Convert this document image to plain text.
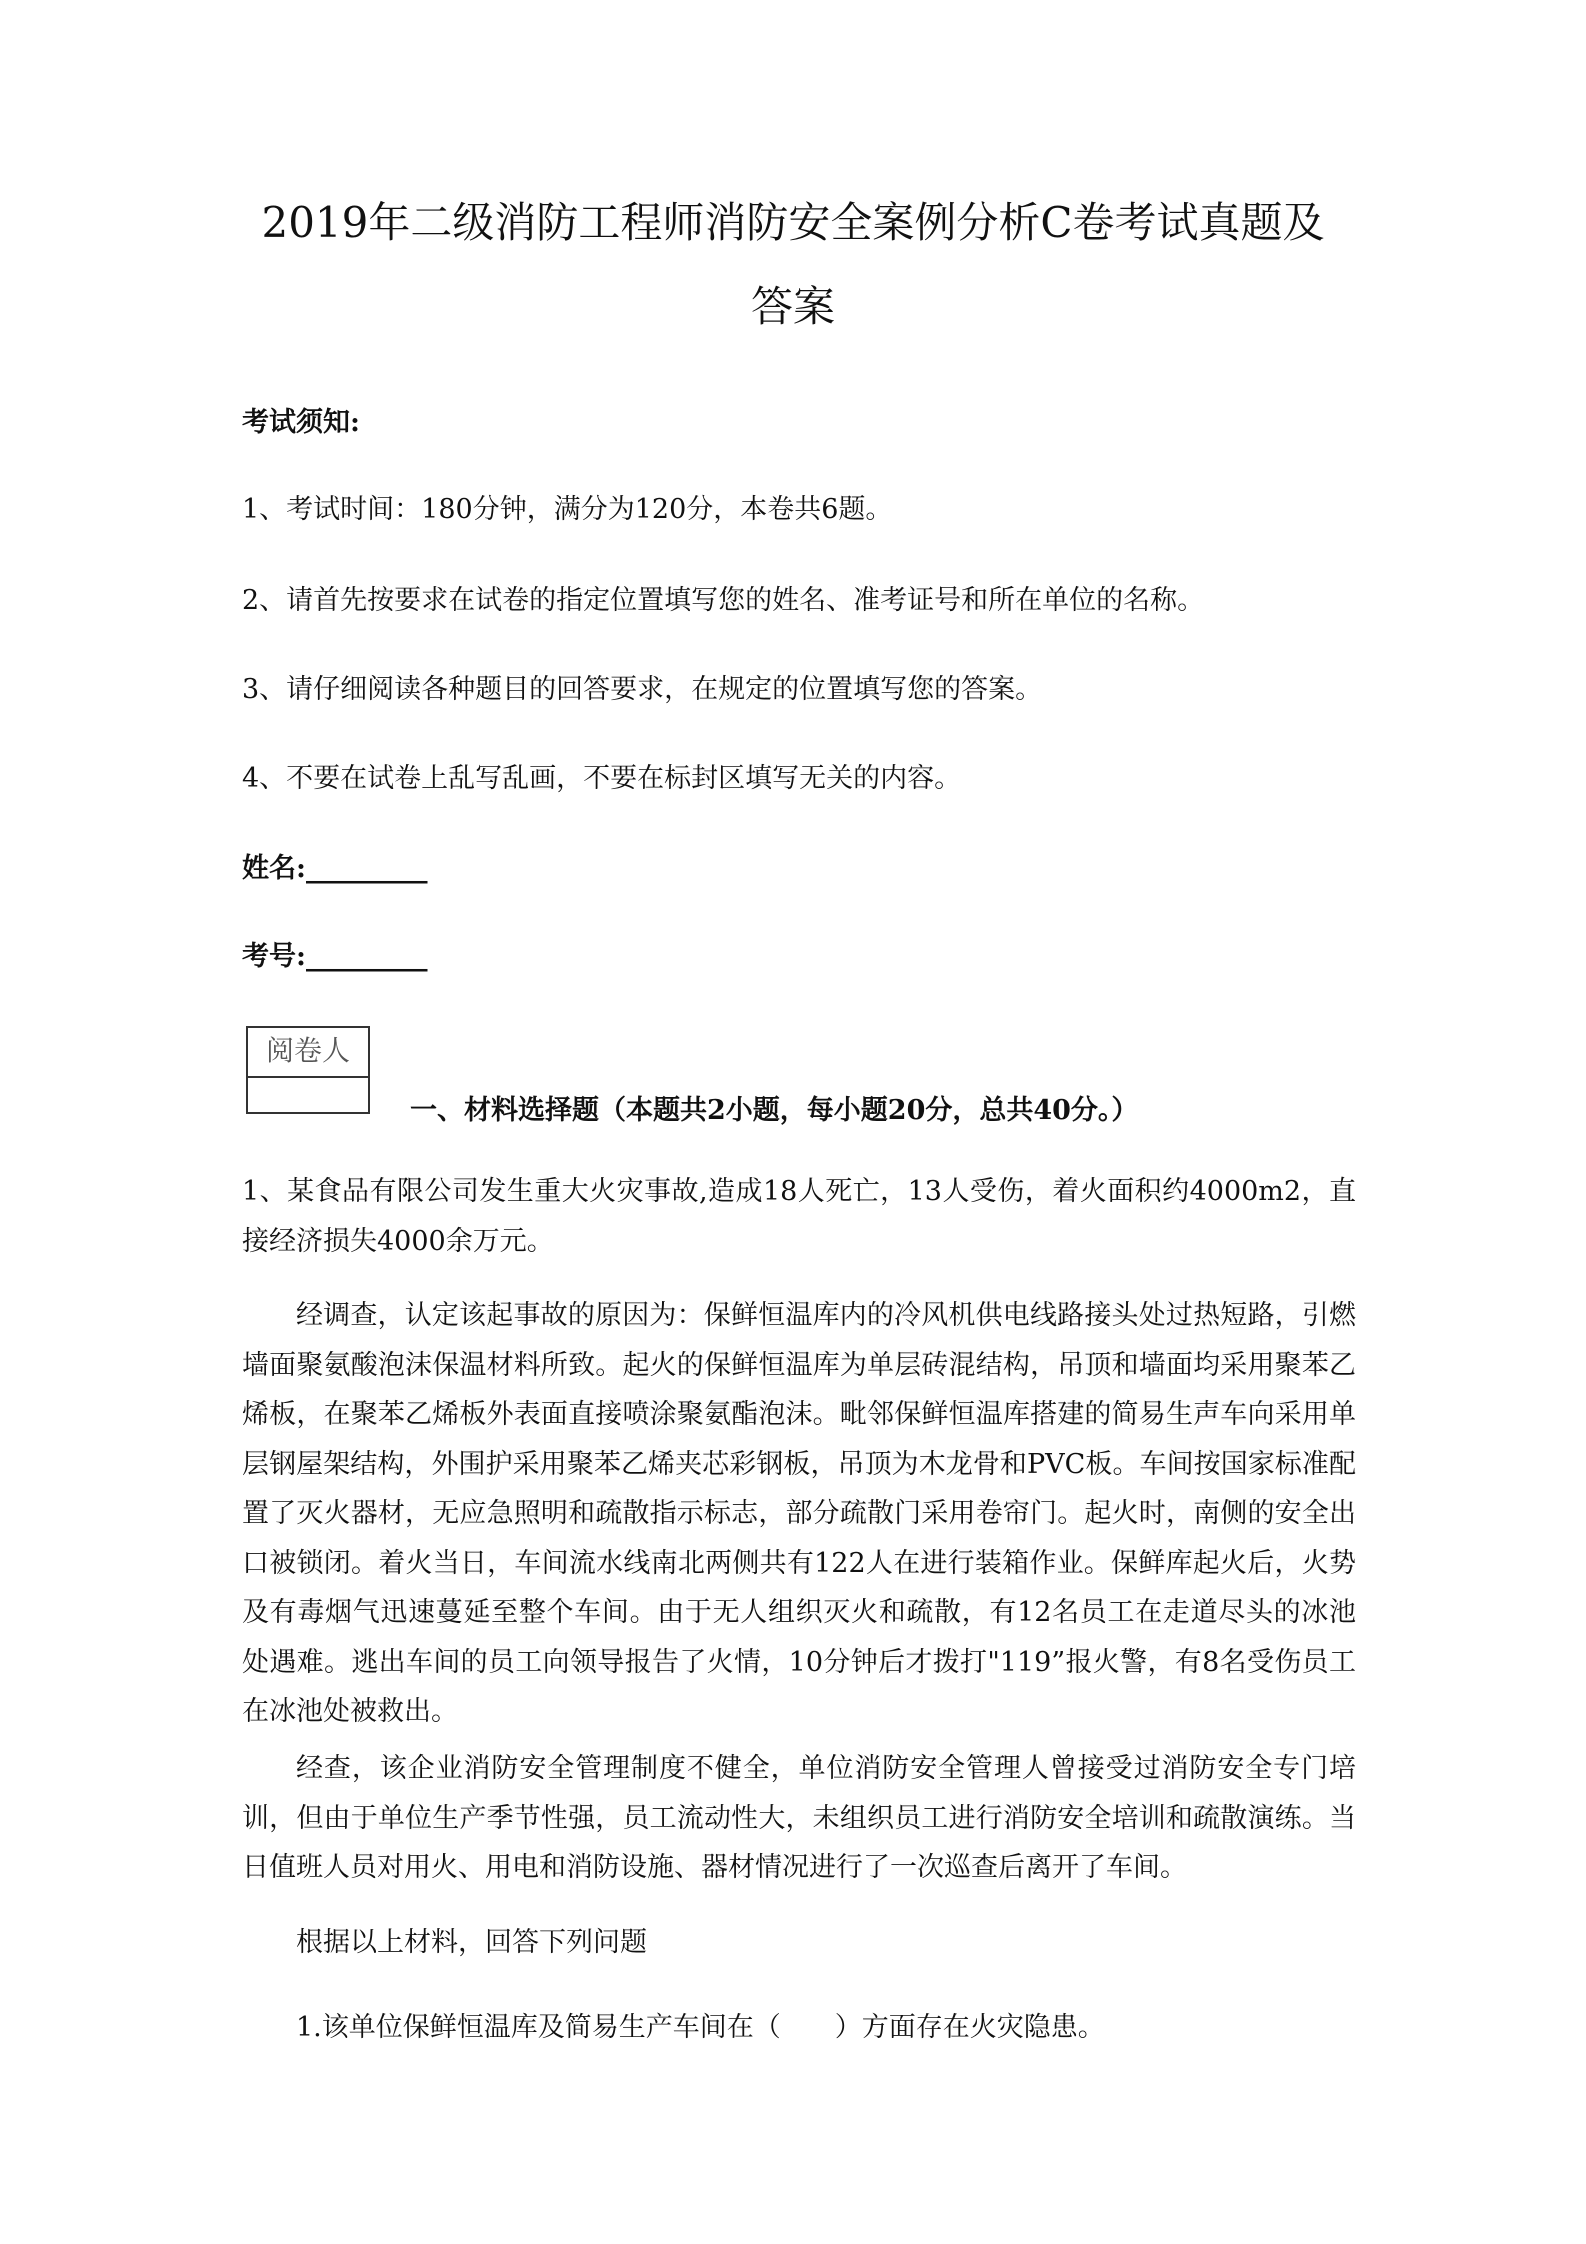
2019年二级消防工程师消防安全案例分析C卷考试真题及
答案

考试须知:

1、考试时间：180分钟，满分为120分，本卷共6题。

2、请首先按要求在试卷的指定位置填写您的姓名、准考证号和所在单位的名称。

3、请仔细阅读各种题目的回答要求，在规定的位置填写您的答案。

4、不要在试卷上乱写乱画，不要在标封区填写无关的内容。

姓名:_________

考号:_________

阅卷人
一、材料选择题（本题共2小题，每小题20分，总共40分。）

1、某食品有限公司发生重大火灾事故,造成18人死亡，13人受伤，着火面积约4000m2，直接经济损失4000余万元。

经调查，认定该起事故的原因为：保鲜恒温库内的冷风机供电线路接头处过热短路，引燃墙面聚氨酸泡沫保温材料所致。起火的保鲜恒温库为单层砖混结构，吊顶和墙面均采用聚苯乙烯板，在聚苯乙烯板外表面直接喷涂聚氨酯泡沫。毗邻保鲜恒温库搭建的简易生声车向采用单层钢屋架结构，外围护采用聚苯乙烯夹芯彩钢板，吊顶为木龙骨和PVC板。车间按国家标准配置了灭火器材，无应急照明和疏散指示标志，部分疏散门采用卷帘门。起火时，南侧的安全出口被锁闭。着火当日，车间流水线南北两侧共有122人在进行装箱作业。保鲜库起火后，火势及有毒烟气迅速蔓延至整个车间。由于无人组织灭火和疏散，有12名员工在走道尽头的冰池处遇难。逃出车间的员工向领导报告了火情，10分钟后才拨打"119”报火警，有8名受伤员工在冰池处被救出。

经查，该企业消防安全管理制度不健全，单位消防安全管理人曾接受过消防安全专门培训，但由于单位生产季节性强，员工流动性大，未组织员工进行消防安全培训和疏散演练。当日值班人员对用火、用电和消防设施、器材情况进行了一次巡查后离开了车间。

根据以上材料，回答下列问题

1.该单位保鲜恒温库及简易生产车间在（　　）方面存在火灾隐患。
